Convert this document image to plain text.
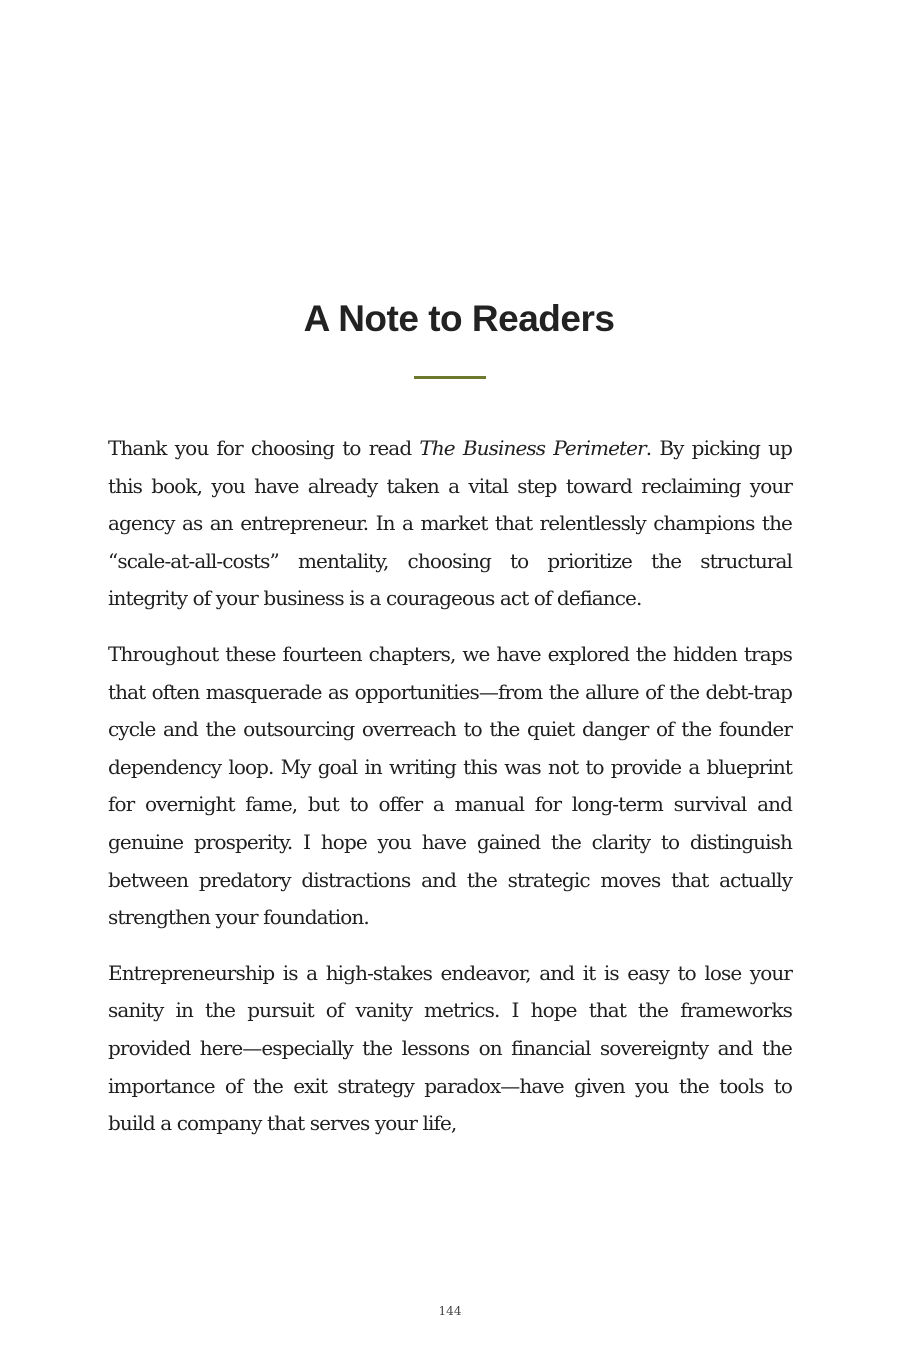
A Note to Readers

Thank you for choosing to read The Business Perimeter. By picking up this book, you have already taken a vital step toward reclaiming your agency as an entrepreneur. In a market that relentlessly champions the “scale-at-all-costs” mentality, choosing to prioritize the structural integrity of your business is a courageous act of defiance.

Throughout these fourteen chapters, we have explored the hidden traps that often masquerade as opportunities—from the allure of the debt-trap cycle and the outsourcing overreach to the quiet danger of the founder dependency loop. My goal in writing this was not to provide a blueprint for overnight fame, but to offer a manual for long-term survival and genuine prosperity. I hope you have gained the clarity to distinguish between predatory distractions and the strategic moves that actually strengthen your foundation.

Entrepreneurship is a high-stakes endeavor, and it is easy to lose your sanity in the pursuit of vanity metrics. I hope that the frameworks provided here—especially the lessons on financial sovereignty and the importance of the exit strategy paradox—have given you the tools to build a company that serves your life,

144
